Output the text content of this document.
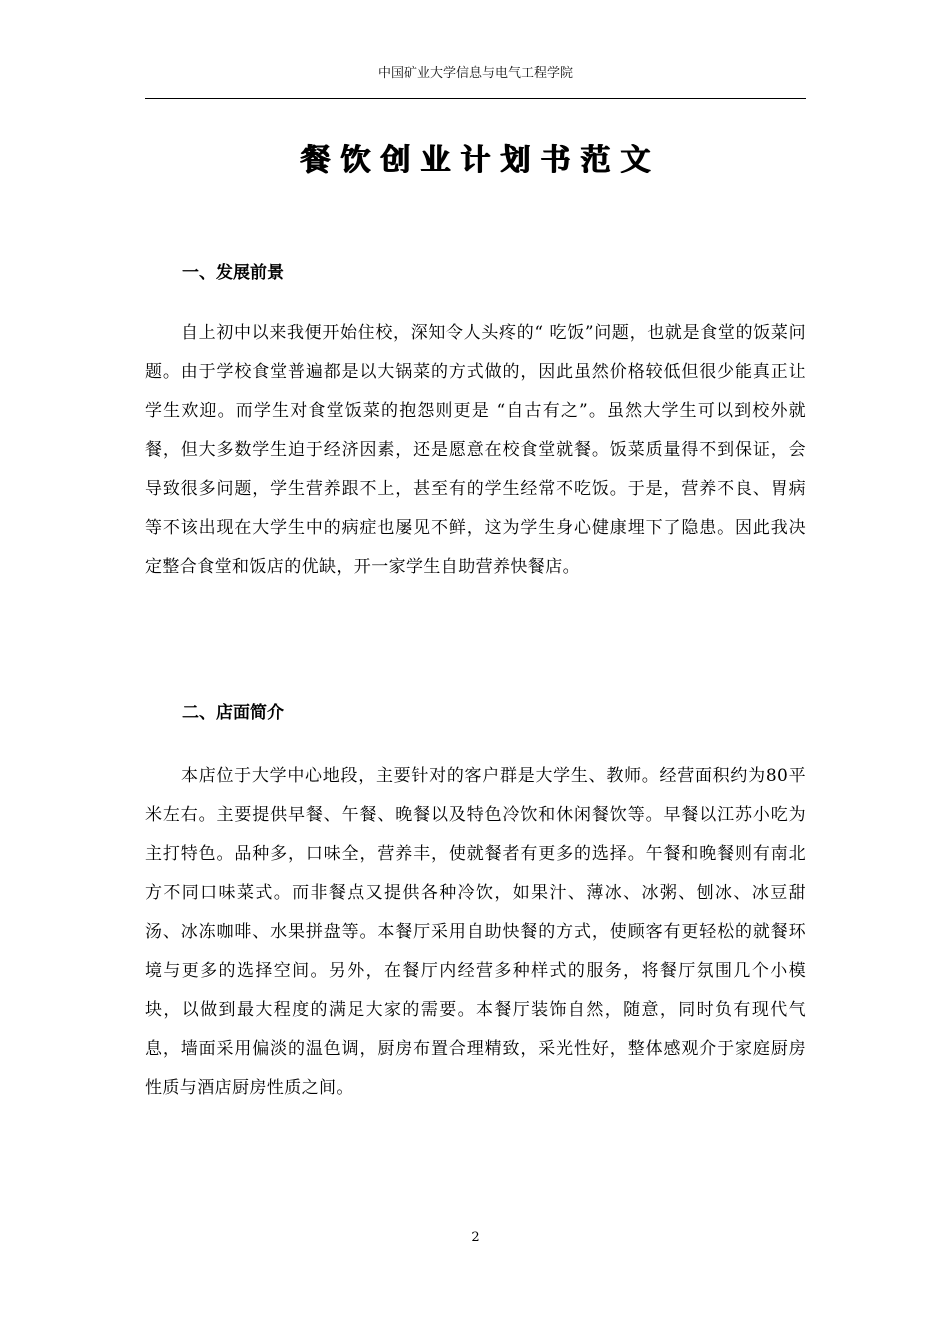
中国矿业大学信息与电气工程学院
餐饮创业计划书范文
一、发展前景

自上初中以来我便开始住校，深知令人头疼的“ 吃饭”问题，也就是食堂的饭菜问题。由于学校食堂普遍都是以大锅菜的方式做的，因此虽然价格较低但很少能真正让学生欢迎。而学生对食堂饭菜的抱怨则更是 “自古有之”。虽然大学生可以到校外就餐，但大多数学生迫于经济因素，还是愿意在校食堂就餐。饭菜质量得不到保证，会导致很多问题，学生营养跟不上，甚至有的学生经常不吃饭。于是，营养不良、胃病等不该出现在大学生中的病症也屡见不鲜，这为学生身心健康埋下了隐患。因此我决定整合食堂和饭店的优缺，开一家学生自助营养快餐店。

二、店面简介

本店位于大学中心地段，主要针对的客户群是大学生、教师。经营面积约为80平米左右。主要提供早餐、午餐、晚餐以及特色冷饮和休闲餐饮等。早餐以江苏小吃为主打特色。品种多，口味全，营养丰，使就餐者有更多的选择。午餐和晚餐则有南北方不同口味菜式。而非餐点又提供各种冷饮，如果汁、薄冰、冰粥、刨冰、冰豆甜汤、冰冻咖啡、水果拼盘等。本餐厅采用自助快餐的方式，使顾客有更轻松的就餐环境与更多的选择空间。另外，在餐厅内经营多种样式的服务，将餐厅氛围几个小模块，以做到最大程度的满足大家的需要。本餐厅装饰自然，随意，同时负有现代气息，墙面采用偏淡的温色调，厨房布置合理精致，采光性好，整体感观介于家庭厨房性质与酒店厨房性质之间。

2
